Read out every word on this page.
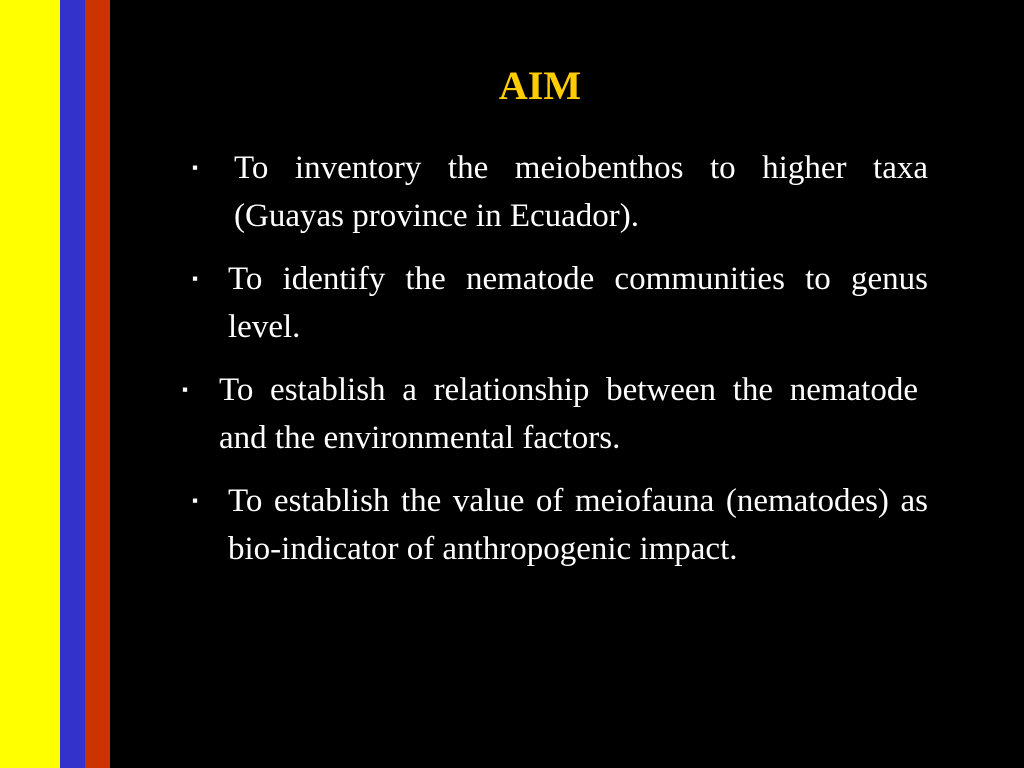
AIM
▪ To inventory the meiobenthos to higher taxa (Guayas province in Ecuador).
▪ To identify the nematode communities to genus level.
▪ To establish a relationship between the nematode and the environmental factors.
▪ To establish the value of meiofauna (nematodes) as bio-indicator of anthropogenic impact.
